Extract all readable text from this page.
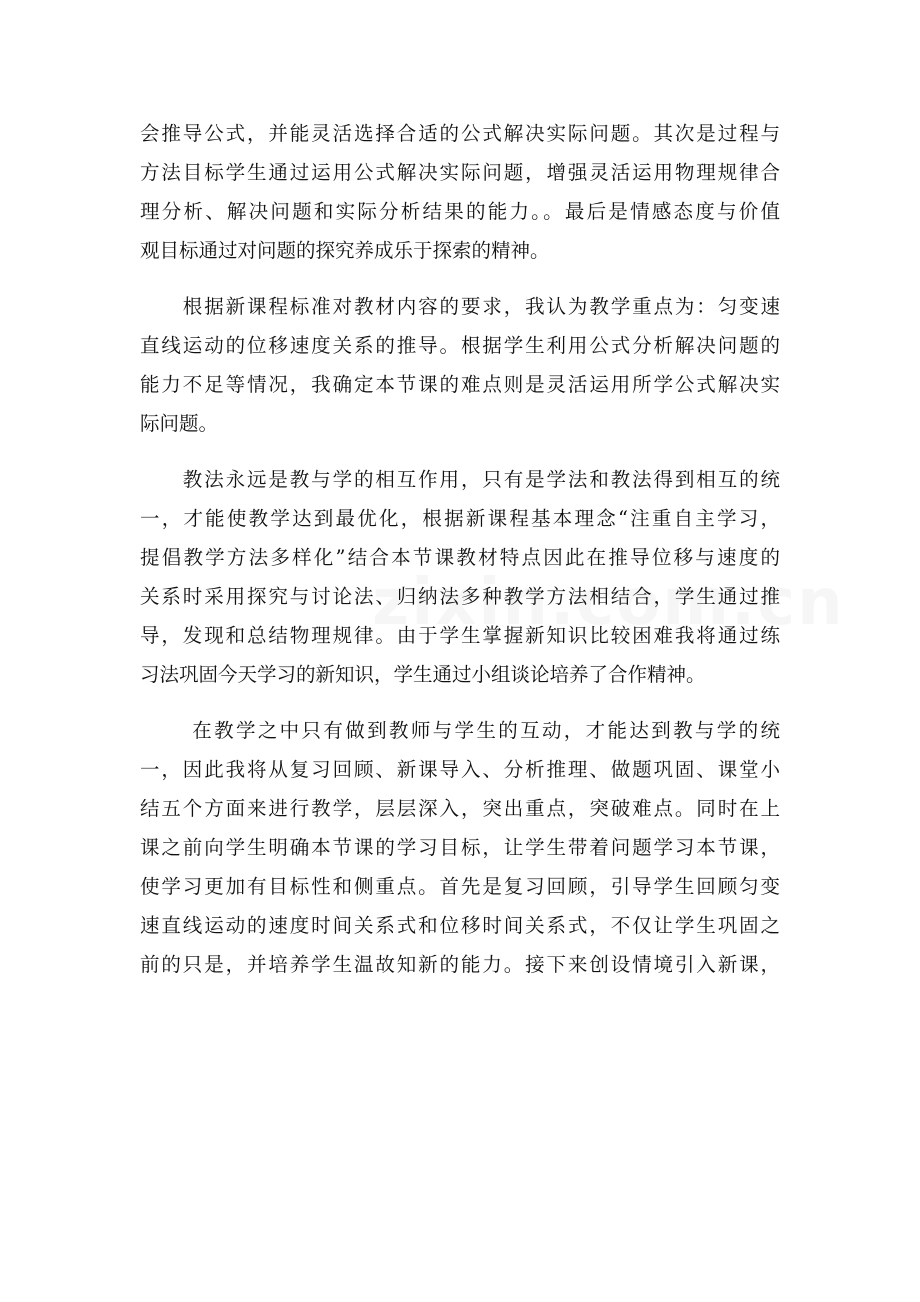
会推导公式，并能灵活选择合适的公式解决实际问题。其次是过程与
方法目标学生通过运用公式解决实际问题，增强灵活运用物理规律合
理分析、解决问题和实际分析结果的能力。。最后是情感态度与价值
观目标通过对问题的探究养成乐于探索的精神。
　　根据新课程标准对教材内容的要求，我认为教学重点为：匀变速
直线运动的位移速度关系的推导。根据学生利用公式分析解决问题的
能力不足等情况，我确定本节课的难点则是灵活运用所学公式解决实
际问题。
　　教法永远是教与学的相互作用，只有是学法和教法得到相互的统
一，才能使教学达到最优化，根据新课程基本理念“注重自主学习，
提倡教学方法多样化”结合本节课教材特点因此在推导位移与速度的
关系时采用探究与讨论法、归纳法多种教学方法相结合，学生通过推
导，发现和总结物理规律。由于学生掌握新知识比较困难我将通过练
习法巩固今天学习的新知识，学生通过小组谈论培养了合作精神。
　　 在教学之中只有做到教师与学生的互动，才能达到教与学的统
一，因此我将从复习回顾、新课导入、分析推理、做题巩固、课堂小
结五个方面来进行教学，层层深入，突出重点，突破难点。同时在上
课之前向学生明确本节课的学习目标，让学生带着问题学习本节课，
使学习更加有目标性和侧重点。首先是复习回顾，引导学生回顾匀变
速直线运动的速度时间关系式和位移时间关系式，不仅让学生巩固之
前的只是，并培养学生温故知新的能力。接下来创设情境引入新课，
